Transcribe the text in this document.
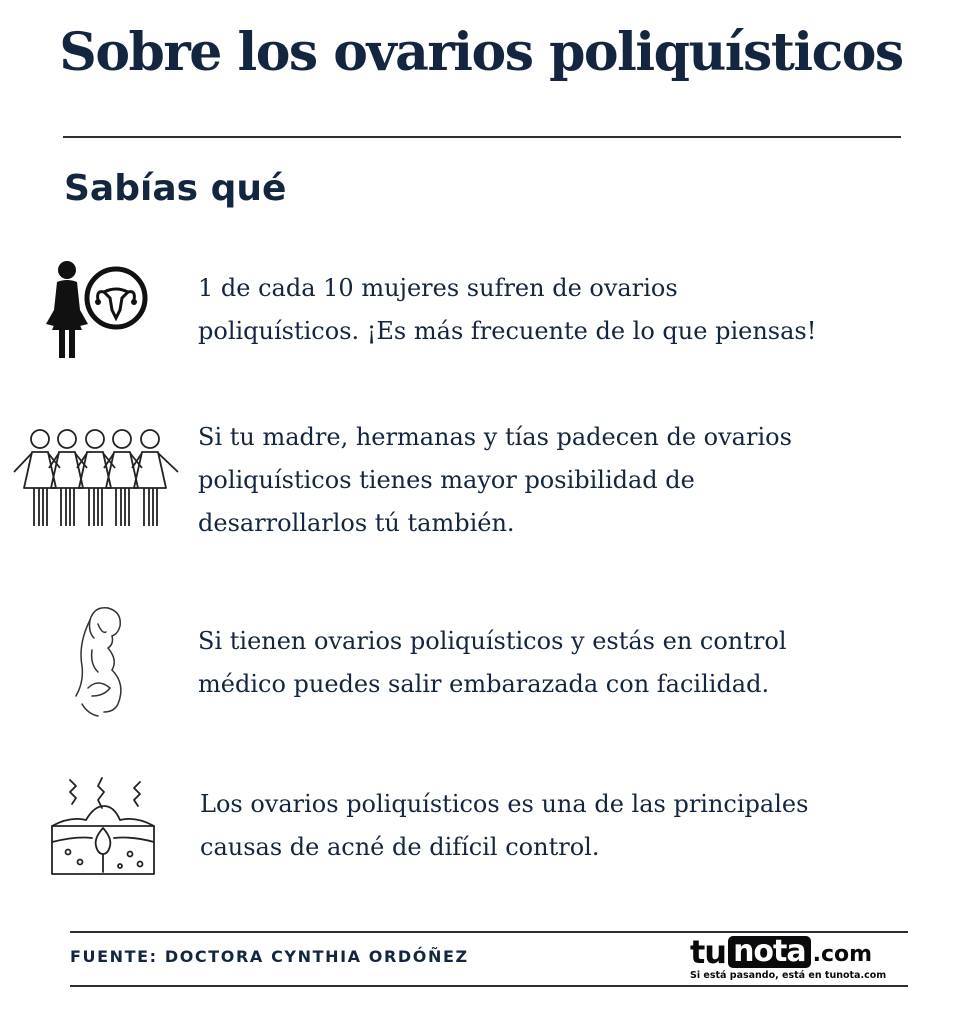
Sobre los ovarios poliquísticos
Sabías qué

1 de cada 10 mujeres sufren de ovarios
poliquísticos. ¡Es más frecuente de lo que piensas!

Si tu madre, hermanas y tías padecen de ovarios
poliquísticos tienes mayor posibilidad de
desarrollarlos tú también.

Si tienen ovarios poliquísticos y estás en control
médico puedes salir embarazada con facilidad.

Los ovarios poliquísticos es una de las principales
causas de acné de difícil control.

FUENTE: DOCTORA CYNTHIA ORDÓÑEZ	tu nota .com
Si está pasando, está en tunota.com
